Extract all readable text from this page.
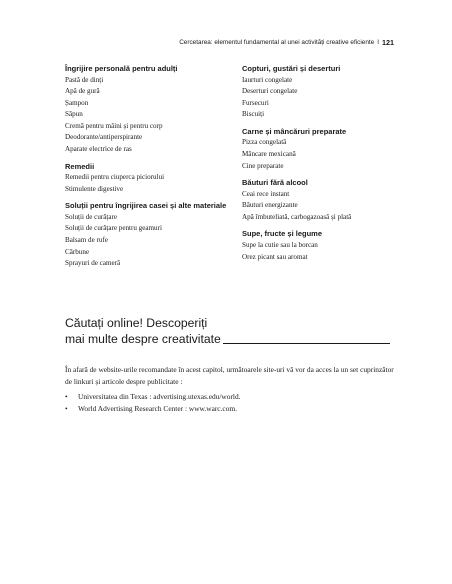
Cercetarea: elementul fundamental al unei activități creative eficiente I 121

Îngrijire personală pentru adulți

Pastă de dinți
Apă de gură
Șampon
Săpun
Cremă pentru mâini și pentru corp
Deodorante/antiperspirante
Aparate electrice de ras

Remedii

Remedii pentru ciuperca piciorului
Stimulente digestive

Soluții pentru îngrijirea casei și alte materiale

Soluții de curățare
Soluții de curățare pentru geamuri
Balsam de rufe
Cărbune
Sprayuri de cameră

Copturi, gustări și deserturi

Iaurturi congelate
Deserturi congelate
Fursecuri
Biscuiți

Carne și mâncăruri preparate

Pizza congelată
Mâncare mexicană
Cine preparate

Băuturi fără alcool

Ceai rece instant
Băuturi energizante
Apă îmbuteliată, carbogazoasă și plată

Supe, fructe și legume

Supe la cutie sau la borcan
Orez picant sau aromat
Căutați online! Descoperiți
mai multe despre creativitate

În afară de website-urile recomandate în acest capitol, următoarele site-uri vă vor da acces la un set cuprinzător de linkuri și articole despre publicitate :

•	Universitatea din Texas : advertising.utexas.edu/world.
•	World Advertising Research Center : www.warc.com.
